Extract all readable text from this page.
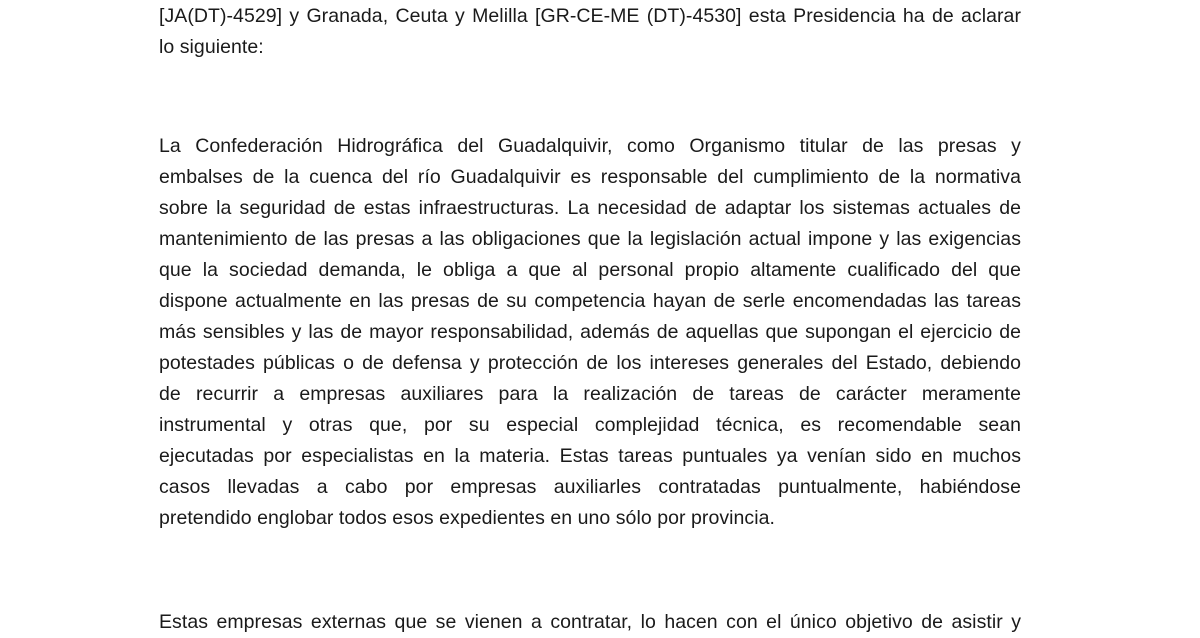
[JA(DT)-4529] y Granada, Ceuta y Melilla [GR-CE-ME (DT)-4530] esta Presidencia ha de aclarar
lo siguiente:
La Confederación Hidrográfica del Guadalquivir, como Organismo titular de las presas y
embalses de la cuenca del río Guadalquivir es responsable del cumplimiento de la normativa
sobre la seguridad de estas infraestructuras. La necesidad de adaptar los sistemas actuales de
mantenimiento de las presas a las obligaciones que la legislación actual impone y las exigencias
que la sociedad demanda, le obliga a que al personal propio altamente cualificado del que
dispone actualmente en las presas de su competencia hayan de serle encomendadas las tareas
más sensibles y las de mayor responsabilidad, además de aquellas que supongan el ejercicio de
potestades públicas o de defensa y protección de los intereses generales del Estado, debiendo
de recurrir a empresas auxiliares para la realización de tareas de carácter meramente
instrumental y otras que, por su especial complejidad técnica, es recomendable sean
ejecutadas por especialistas en la materia. Estas tareas puntuales ya venían sido en muchos
casos llevadas a cabo por empresas auxiliarles contratadas puntualmente, habiéndose
pretendido englobar todos esos expedientes en uno sólo por provincia.
Estas empresas externas que se vienen a contratar, lo hacen con el único objetivo de asistir y
